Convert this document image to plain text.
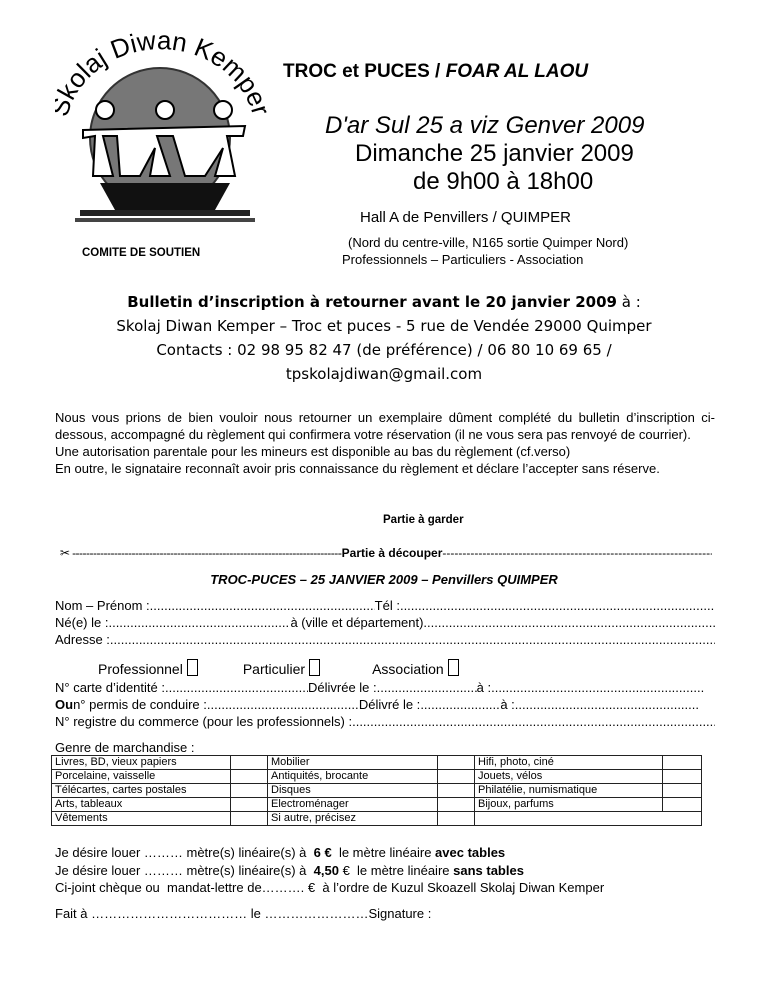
olaj Diwan Kempe
COMITE DE SOUTIEN
TROC et PUCES / FOAR AL LAOU
D'ar Sul 25 a viz Genver 2009
Dimanche 25 janvier 2009
de 9h00 à 18h00
Hall A de Penvillers / QUIMPER
(Nord du centre-ville, N165 sortie Quimper Nord)
Professionnels – Particuliers - Association
Bulletin d’inscription à retourner avant le 20 janvier 2009 à :
Skolaj Diwan Kemper – Troc et puces - 5 rue de Vendée 29000 Quimper
Contacts : 02 98 95 82 47 (de préférence) / 06 80 10 69 65 /
tpskolajdiwan@gmail.com

Nous vous prions de bien vouloir nous retourner un exemplaire dûment complété du bulletin d’inscription ci-dessous, accompagné du règlement qui confirmera votre réservation (il ne vous sera pas renvoyé de courrier).

Une autorisation parentale pour les mineurs est disponible au bas du règlement (cf.verso)

En outre, le signataire reconnaît avoir pris connaissance du règlement et déclare l’accepter sans réserve.

Partie à garder
✂ -----	Partie à découper
-----
TROC-PUCES – 25 JANVIER 2009 – Penvillers QUIMPER
Nom – Prénom : .....	Tél :
.....
Né(e) le : .....	à (ville et département)
.....
Adresse :
.....
Professionnel	Particulier	Association
N° carte d’identité : .....	Délivrée le : .....	à :
.....
Ou n° permis de conduire : .....	Délivré le : .....	à :
.....
N° registre du commerce (pour les professionnels) :
.....
Genre de marchandise :
Livres, BD, vieux papiers		Mobilier		Hifi, photo, ciné	
Porcelaine, vaisselle		Antiquités, brocante		Jouets, vélos	
Télécartes, cartes postales		Disques		Philatélie, numismatique	
Arts, tableaux		Electroménager		Bijoux, parfums	
Vêtements		Si autre, précisez			
Je désire louer ……… mètre(s) linéaire(s) à 6 € le mètre linéaire avec tables
Je désire louer ……… mètre(s) linéaire(s) à 4,50 €  le mètre linéaire sans tables
Ci-joint chèque ou  mandat-lettre de………. €  à l’ordre de Kuzul Skoazell Skolaj Diwan Kemper
Fait à ……………………………… le ……………………Signature :
